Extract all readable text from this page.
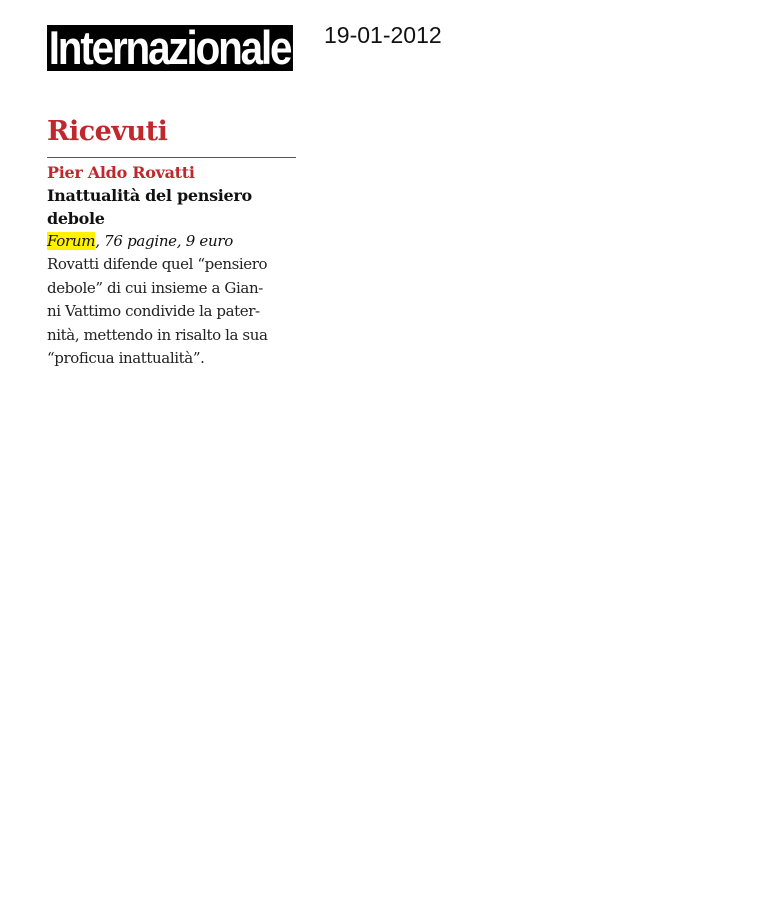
Internazionale 19-01-2012
Ricevuti
Pier Aldo Rovatti
Inattualità del pensiero
debole
Forum, 76 pagine, 9 euro
Rovatti difende quel “pensiero
debole” di cui insieme a Gian-
ni Vattimo condivide la pater-
nità, mettendo in risalto la sua
“proficua inattualità”.
